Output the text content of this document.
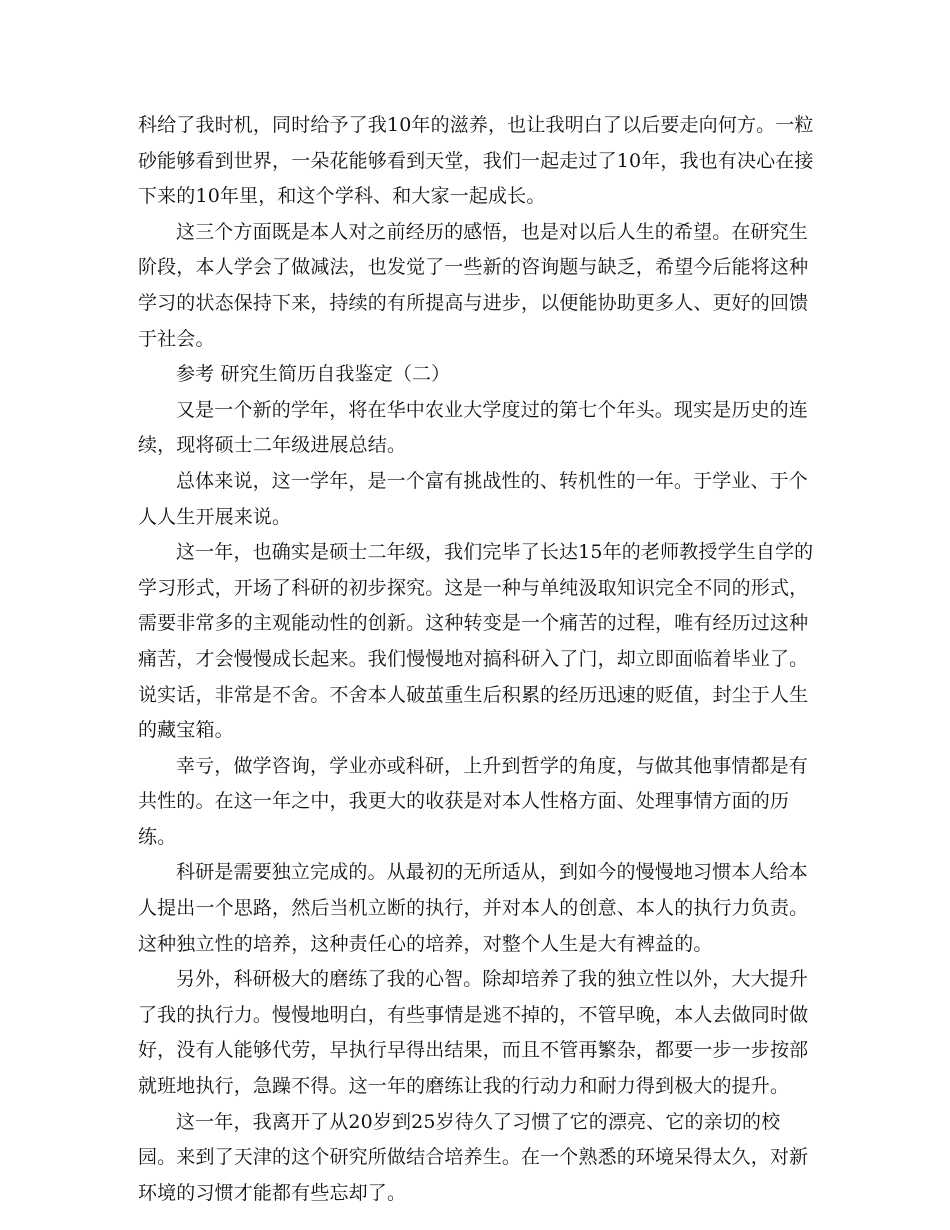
科给了我时机，同时给予了我10年的滋养，也让我明白了以后要走向何方。一粒砂能够看到世界，一朵花能够看到天堂，我们一起走过了10年，我也有决心在接下来的10年里，和这个学科、和大家一起成长。

这三个方面既是本人对之前经历的感悟，也是对以后人生的希望。在研究生阶段，本人学会了做减法，也发觉了一些新的咨询题与缺乏，希望今后能将这种学习的状态保持下来，持续的有所提高与进步，以便能协助更多人、更好的回馈于社会。

参考 研究生简历自我鉴定（二）

又是一个新的学年，将在华中农业大学度过的第七个年头。现实是历史的连续，现将硕士二年级进展总结。

总体来说，这一学年，是一个富有挑战性的、转机性的一年。于学业、于个人人生开展来说。

这一年，也确实是硕士二年级，我们完毕了长达15年的老师教授学生自学的学习形式，开场了科研的初步探究。这是一种与单纯汲取知识完全不同的形式，需要非常多的主观能动性的创新。这种转变是一个痛苦的过程，唯有经历过这种痛苦，才会慢慢成长起来。我们慢慢地对搞科研入了门，却立即面临着毕业了。说实话，非常是不舍。不舍本人破茧重生后积累的经历迅速的贬值，封尘于人生的藏宝箱。

幸亏，做学咨询，学业亦或科研，上升到哲学的角度，与做其他事情都是有共性的。在这一年之中，我更大的收获是对本人性格方面、处理事情方面的历练。

科研是需要独立完成的。从最初的无所适从，到如今的慢慢地习惯本人给本人提出一个思路，然后当机立断的执行，并对本人的创意、本人的执行力负责。这种独立性的培养，这种责任心的培养，对整个人生是大有裨益的。

另外，科研极大的磨练了我的心智。除却培养了我的独立性以外，大大提升了我的执行力。慢慢地明白，有些事情是逃不掉的，不管早晚，本人去做同时做 好，没有人能够代劳，早执行早得出结果，而且不管再繁杂，都要一步一步按部就班地执行，急躁不得。这一年的磨练让我的行动力和耐力得到极大的提升。

这一年，我离开了从20岁到25岁待久了习惯了它的漂亮、它的亲切的校园。来到了天津的这个研究所做结合培养生。在一个熟悉的环境呆得太久，对新环境的习惯才能都有些忘却了。
